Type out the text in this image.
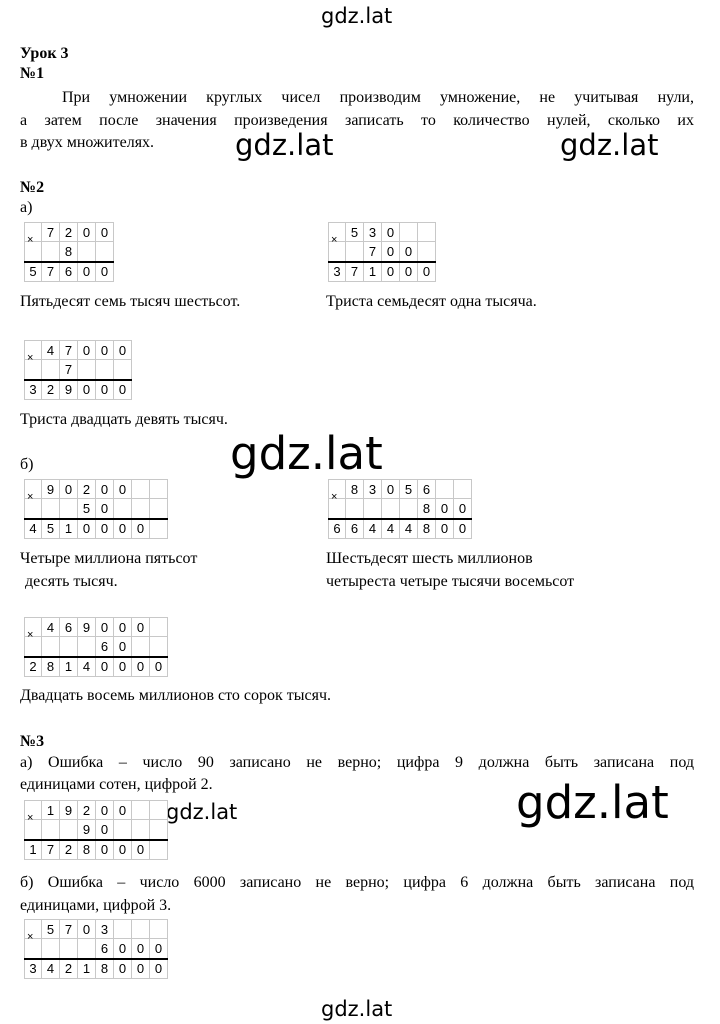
gdz.lat
gdz.lat	gdz.lat
gdz.lat
gdz.lat	gdz.lat
gdz.lat
Урок 3
№1
При умножении круглых чисел производим умножение, не учитывая нули,
а затем после значения произведения записать то количество нулей, сколько их
в двух множителях.
№2
а)
7 2 0 0
8
5 7 6 0 0
×
Пятьдесят семь тысяч шестьсот.
5 3 0
7 0 0
3 7 1 0 0 0
×
Триста семьдесят одна тысяча.
4 7 0 0 0
7
3 2 9 0 0 0
×
Триста двадцать девять тысяч.
б)
9 0 2 0 0
5 0
4 5 1 0 0 0 0
×
Четыре миллиона пятьсот
десять тысяч.
8 3 0 5 6
8 0 0
6 6 4 4 4 8 0 0
×
Шестьдесят шесть миллионов
четыреста четыре тысячи восемьсот
4 6 9 0 0 0
6 0
2 8 1 4 0 0 0 0
×
Двадцать восемь миллионов сто сорок тысяч.
№3
а) Ошибка – число 90 записано не верно; цифра 9 должна быть записана под
единицами сотен, цифрой 2.
1 9 2 0 0
9 0
1 7 2 8 0 0 0
×
б) Ошибка – число 6000 записано не верно; цифра 6 должна быть записана под
единицами, цифрой 3.
5 7 0 3
6 0 0 0
3 4 2 1 8 0 0 0
×
